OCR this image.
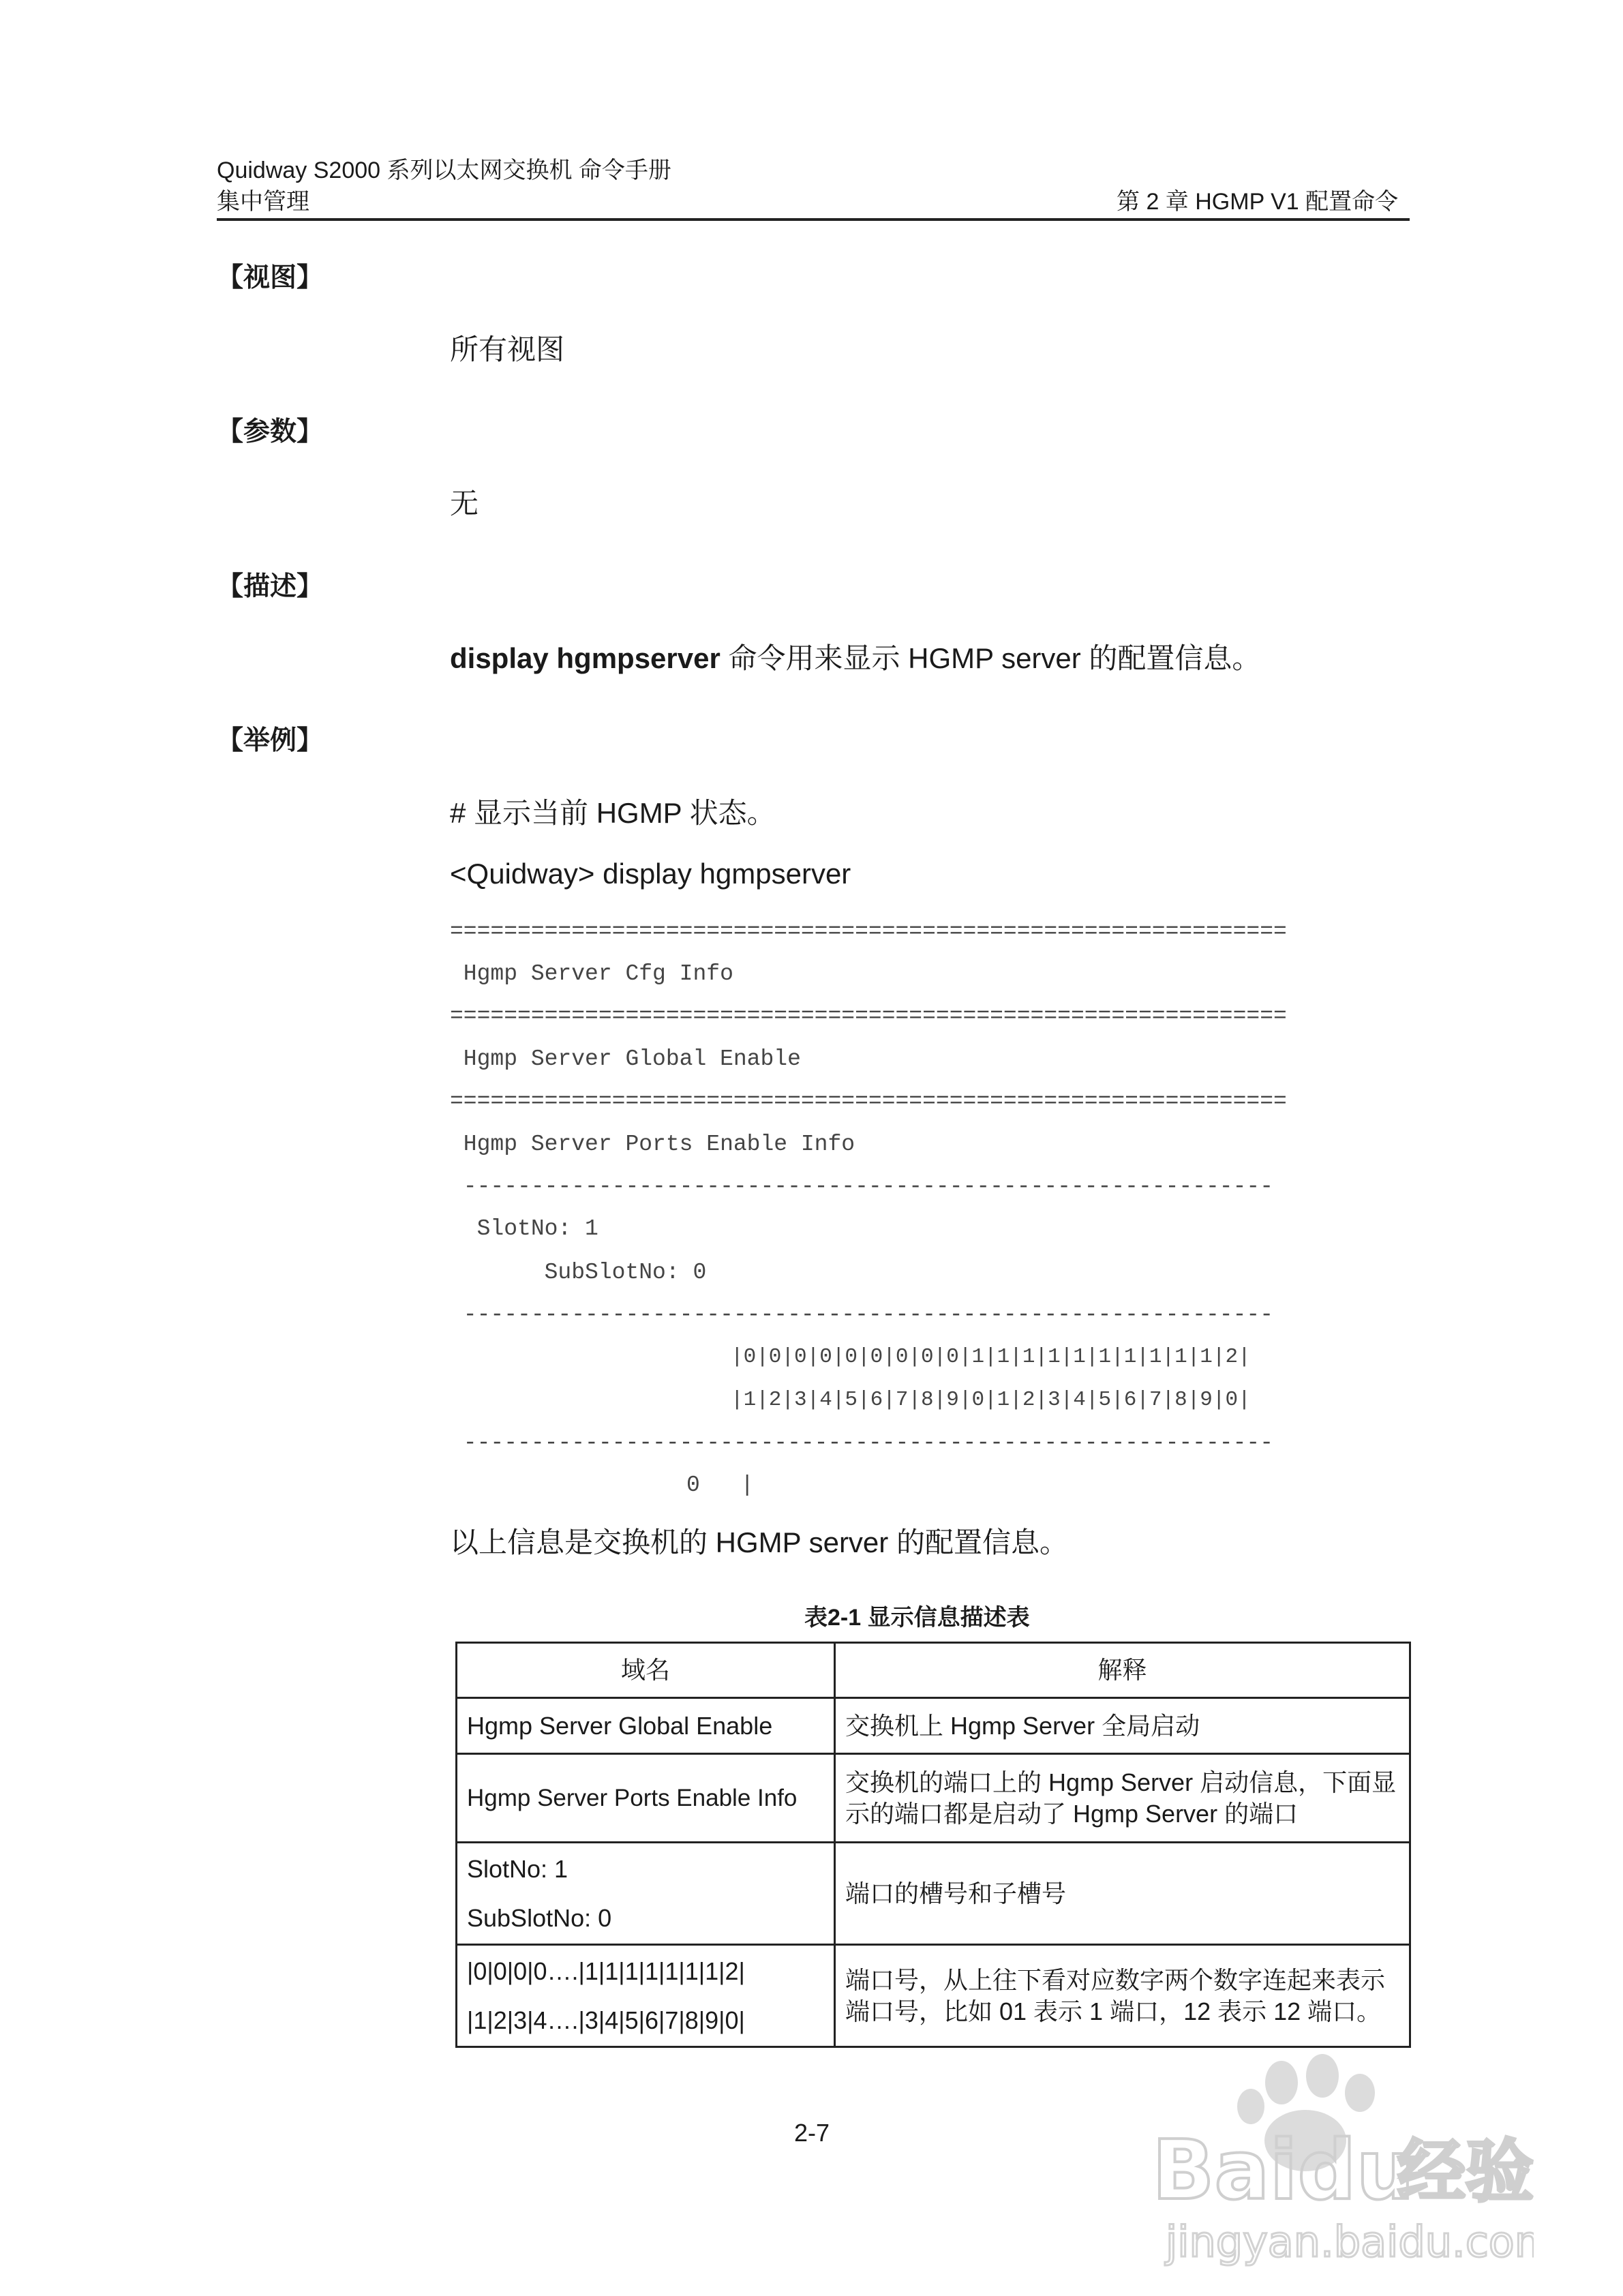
Quidway S2000 系列以太网交换机 命令手册
集中管理	第 2 章 HGMP V1 配置命令
【视图】
所有视图
【参数】
无
【描述】
display hgmpserver 命令用来显示 HGMP server 的配置信息。
【举例】
# 显示当前 HGMP 状态。
<Quidway> display hgmpserver
==============================================================
Hgmp Server Cfg Info
==============================================================
Hgmp Server Global Enable
==============================================================
Hgmp Server Ports Enable Info
------------------------------------------------------------
SlotNo: 1
SubSlotNo: 0
------------------------------------------------------------
|0|0|0|0|0|0|0|0|0|1|1|1|1|1|1|1|1|1|1|2|
|1|2|3|4|5|6|7|8|9|0|1|2|3|4|5|6|7|8|9|0|
------------------------------------------------------------
0   |
以上信息是交换机的 HGMP server 的配置信息。
表2-1 显示信息描述表
域名	解释
Hgmp Server Global Enable	交换机上 Hgmp Server 全局启动
Hgmp Server Ports Enable Info	交换机的端口上的 Hgmp Server 启动信息，下面显示的端口都是启动了 Hgmp Server 的端口

SlotNo: 1
SubSlotNo: 0	端口的槽号和子槽号

|0|0|0|0….|1|1|1|1|1|1|1|2|
|1|2|3|4….|3|4|5|6|7|8|9|0|	端口号，从上往下看对应数字两个数字连起来表示端口号，比如 01 表示 1 端口，12 表示 12 端口。
2-7	Baidu
经验
jingyan.baidu.com
